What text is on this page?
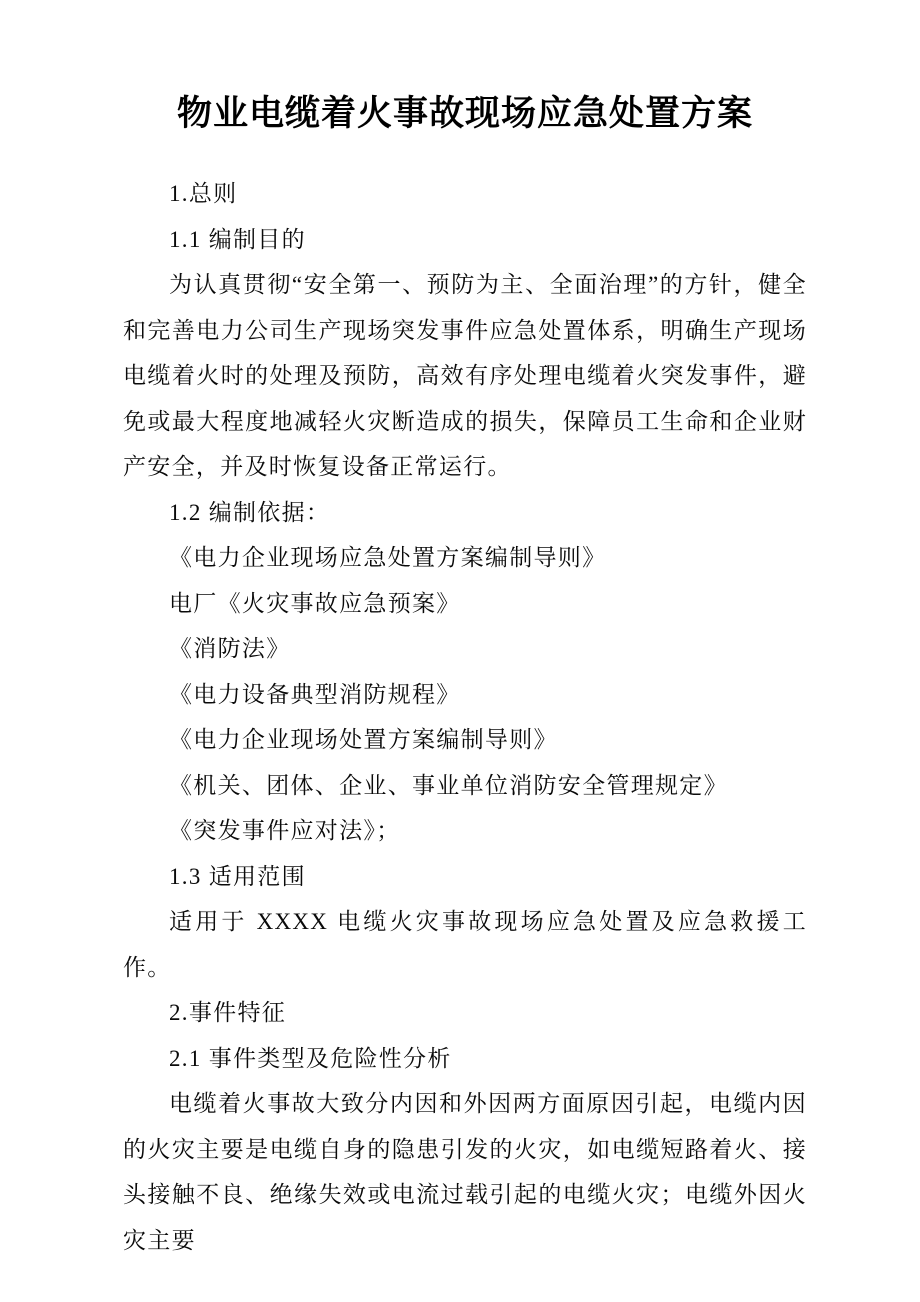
物业电缆着火事故现场应急处置方案

1.总则

1.1 编制目的

为认真贯彻“安全第一、预防为主、全面治理”的方针，健全和完善电力公司生产现场突发事件应急处置体系，明确生产现场电缆着火时的处理及预防，高效有序处理电缆着火突发事件，避免或最大程度地减轻火灾断造成的损失，保障员工生命和企业财产安全，并及时恢复设备正常运行。

1.2 编制依据：

《电力企业现场应急处置方案编制导则》

电厂《火灾事故应急预案》

《消防法》

《电力设备典型消防规程》

《电力企业现场处置方案编制导则》

《机关、团体、企业、事业单位消防安全管理规定》

《突发事件应对法》；

1.3 适用范围

适用于 XXXX 电缆火灾事故现场应急处置及应急救援工作。

2.事件特征

2.1 事件类型及危险性分析

电缆着火事故大致分内因和外因两方面原因引起，电缆内因的火灾主要是电缆自身的隐患引发的火灾，如电缆短路着火、接头接触不良、绝缘失效或电流过载引起的电缆火灾；电缆外因火灾主要
